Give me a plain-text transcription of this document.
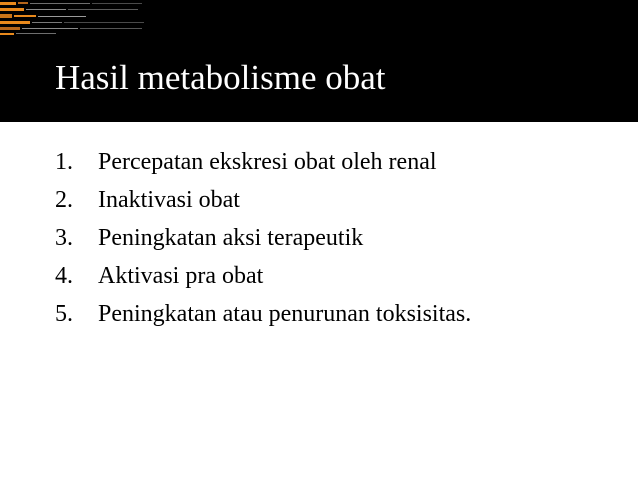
Hasil metabolisme obat
1. Percepatan ekskresi obat oleh renal
2. Inaktivasi obat
3. Peningkatan aksi terapeutik
4. Aktivasi pra obat
5. Peningkatan atau penurunan toksisitas.
